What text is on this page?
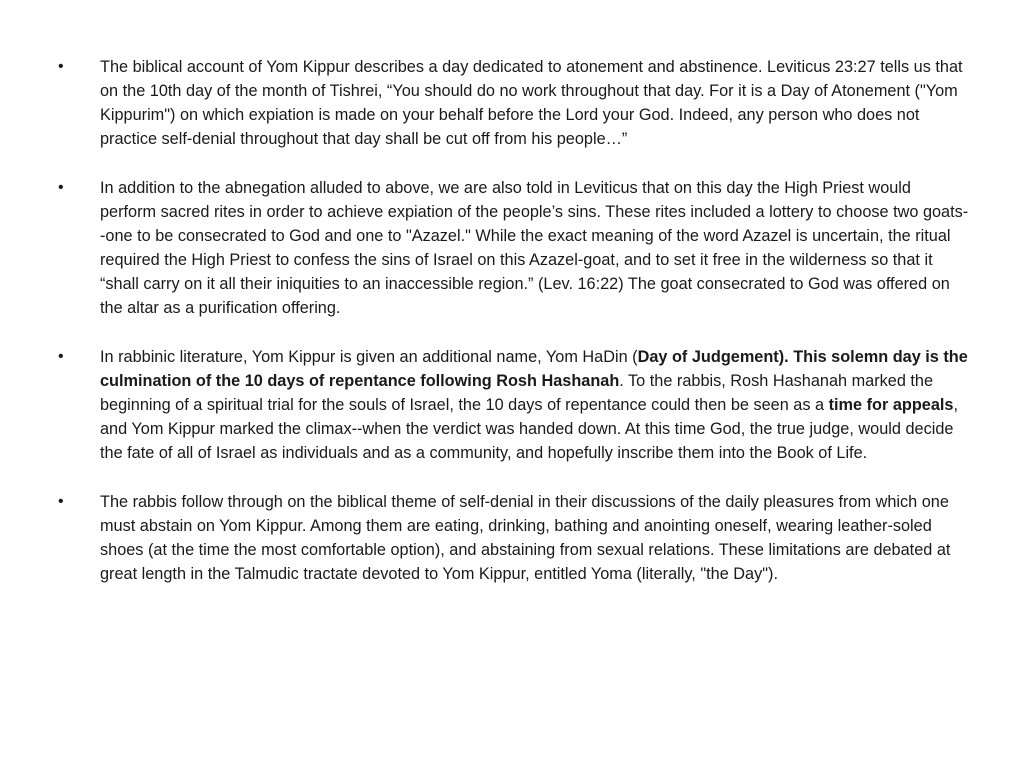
•	The biblical account of Yom Kippur describes a day dedicated to atonement and abstinence. Leviticus 23:27 tells us that on the 10th day of the month of Tishrei, “You should do no work throughout that day. For it is a Day of Atonement ("Yom Kippurim") on which expiation is made on your behalf before the Lord your God. Indeed, any person who does not practice self-denial throughout that day shall be cut off from his people…”
•	In addition to the abnegation alluded to above, we are also told in Leviticus that on this day the High Priest would perform sacred rites in order to achieve expiation of the people’s sins. These rites included a lottery to choose two goats--one to be consecrated to God and one to "Azazel." While the exact meaning of the word Azazel is uncertain, the ritual required the High Priest to confess the sins of Israel on this Azazel-goat, and to set it free in the wilderness so that it “shall carry on it all their iniquities to an inaccessible region.” (Lev. 16:22) The goat consecrated to God was offered on the altar as a purification offering.
•	In rabbinic literature, Yom Kippur is given an additional name, Yom HaDin (Day of Judgement). This solemn day is the culmination of the 10 days of repentance following Rosh Hashanah. To the rabbis, Rosh Hashanah marked the beginning of a spiritual trial for the souls of Israel, the 10 days of repentance could then be seen as a time for appeals, and Yom Kippur marked the climax--when the verdict was handed down. At this time God, the true judge, would decide the fate of all of Israel as individuals and as a community, and hopefully inscribe them into the Book of Life.
•	The rabbis follow through on the biblical theme of self-denial in their discussions of the daily pleasures from which one must abstain on Yom Kippur. Among them are eating, drinking, bathing and anointing oneself, wearing leather-soled shoes (at the time the most comfortable option), and abstaining from sexual relations. These limitations are debated at great length in the Talmudic tractate devoted to Yom Kippur, entitled Yoma (literally, "the Day").
